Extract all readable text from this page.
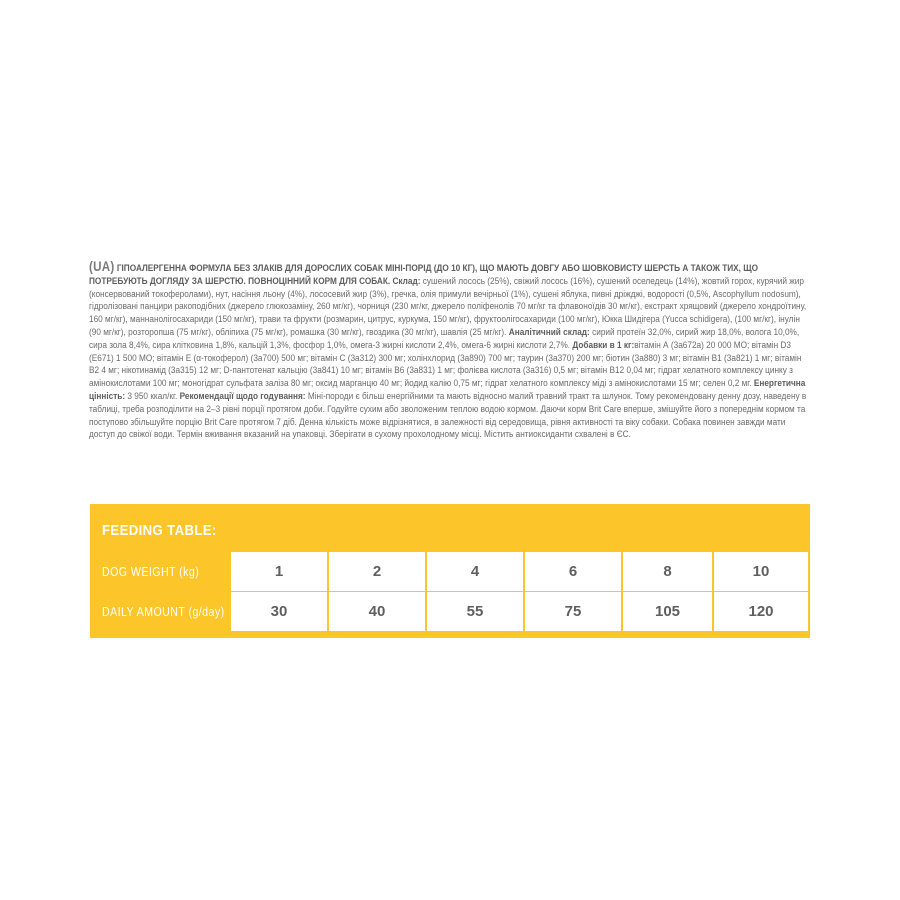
(UA) ГІПОАЛЕРГЕННА ФОРМУЛА БЕЗ ЗЛАКІВ ДЛЯ ДОРОСЛИХ СОБАК МІНІ-ПОРІД (ДО 10 КГ), ЩО МАЮТЬ ДОВГУ АБО ШОВКОВИСТУ ШЕРСТЬ А ТАКОЖ ТИХ, ЩО ПОТРЕБУЮТЬ ДОГЛЯДУ ЗА ШЕРСТЮ. ПОВНОЦІННИЙ КОРМ ДЛЯ СОБАК. Склад: сушений лосось (25%), свіжий лосось (16%), сушений оселедець (14%), жовтий горох, курячий жир (консервований токоферолами), нут, насіння льону (4%), лососевий жир (3%), гречка, олія примули вечірньої (1%), сушені яблука, пивні дріжджі, водорості (0,5%, Ascophyllum nodosum), гідролізовані панцири ракоподібних (джерело глюкозаміну, 260 мг/кг), чорниця (230 мг/кг, джерело поліфенолів 70 мг/кг та флавоноїдів 30 мг/кг), екстракт хрящовий (джерело хондроїтину, 160 мг/кг), маннанолігосахариди (150 мг/кг), трави та фрукти (розмарин, цитрус, куркума, 150 мг/кг), фруктоолігосахариди (100 мг/кг), Юкка Шидігера (Yucca schidigera), (100 мг/кг), інулін (90 мг/кг), розторопша (75 мг/кг), обліпиха (75 мг/кг), ромашка (30 мг/кг), гвоздика (30 мг/кг), шавлія (25 мг/кг). Аналітичний склад: сирий протеїн 32,0%, сирий жир 18,0%, волога 10,0%, сира зола 8,4%, сира клітковина 1,8%, кальцій 1,3%, фосфор 1,0%, омега-3 жирні кислоти 2,4%, омега-6 жирні кислоти 2,7%. Добавки в 1 кг:вітамін А (3a672a) 20 000 МО; вітамін D3 (E671) 1 500 МО; вітамін Е (α-токоферол) (3a700) 500 мг; вітамін С (3a312) 300 мг; холінхлорид (3a890) 700 мг; таурин (3a370) 200 мг; біотин (3a880) 3 мг; вітамін В1 (3a821) 1 мг; вітамін В2 4 мг; нікотинамід (3a315) 12 мг; D-пантотенат кальцію (3a841) 10 мг; вітамін В6 (3a831) 1 мг; фолієва кислота (3a316) 0,5 мг; вітамін В12 0,04 мг; гідрат хелатного комплексу цинку з амінокислотами 100 мг; моногідрат сульфата заліза 80 мг; оксид марганцю 40 мг; йодид калію 0,75 мг; гідрат хелатного комплексу міді з амінокислотами 15 мг; селен 0,2 мг. Енергетична цінність: 3 950 ккал/кг. Рекомендації щодо годування: Міні-породи є більш енергійними та мають відносно малий травний тракт та шлунок. Тому рекомендовану денну дозу, наведену в таблиці, треба розподілити на 2–3 рівні порції протягом доби. Годуйте сухим або зволоженим теплою водою кормом. Даючи корм Brit Care вперше, змішуйте його з попереднім кормом та поступово збільшуйте порцію Brit Care протягом 7 діб. Денна кількість може відрізнятися, в залежності від середовища, рівня активності та віку собаки. Собака повинен завжди мати доступ до свіжої води. Термін вживання вказаний на упаковці. Зберігати в сухому прохолодному місці. Містить антиоксиданти схвалені в ЄС.
FEEDING TABLE:
DOG WEIGHT (kg)	1	2	4	6	8	10
DAILY AMOUNT (g/day)	30	40	55	75	105	120
